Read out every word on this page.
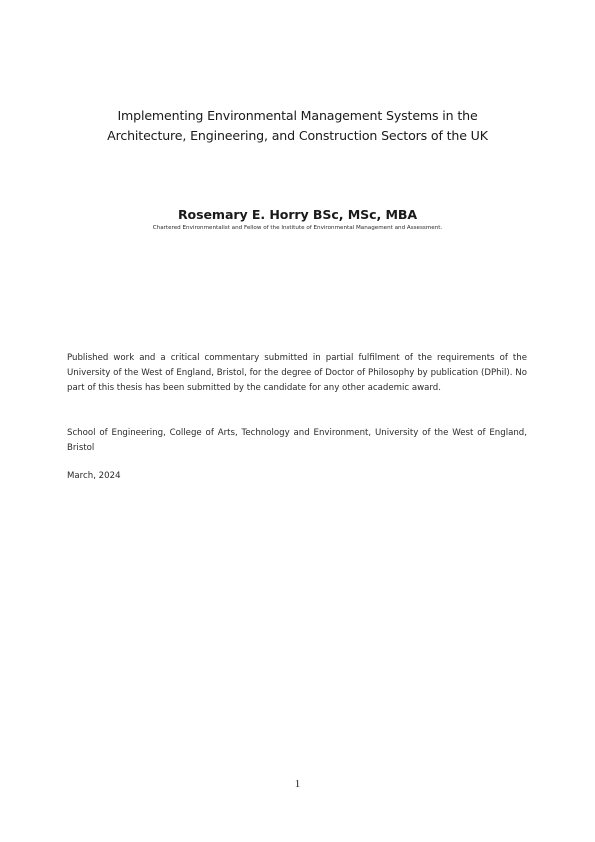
Implementing Environmental Management Systems in the
Architecture, Engineering, and Construction Sectors of the UK
Rosemary E. Horry BSc, MSc, MBA

Chartered Environmentalist and Fellow of the Institute of Environmental Management and Assessment.

Published work and a critical commentary submitted in partial fulfilment of the requirements of the University of the West of England, Bristol, for the degree of Doctor of Philosophy by publication (DPhil). No part of this thesis has been submitted by the candidate for any other academic award.

School of Engineering, College of Arts, Technology and Environment, University of the West of England, Bristol

March, 2024

1
